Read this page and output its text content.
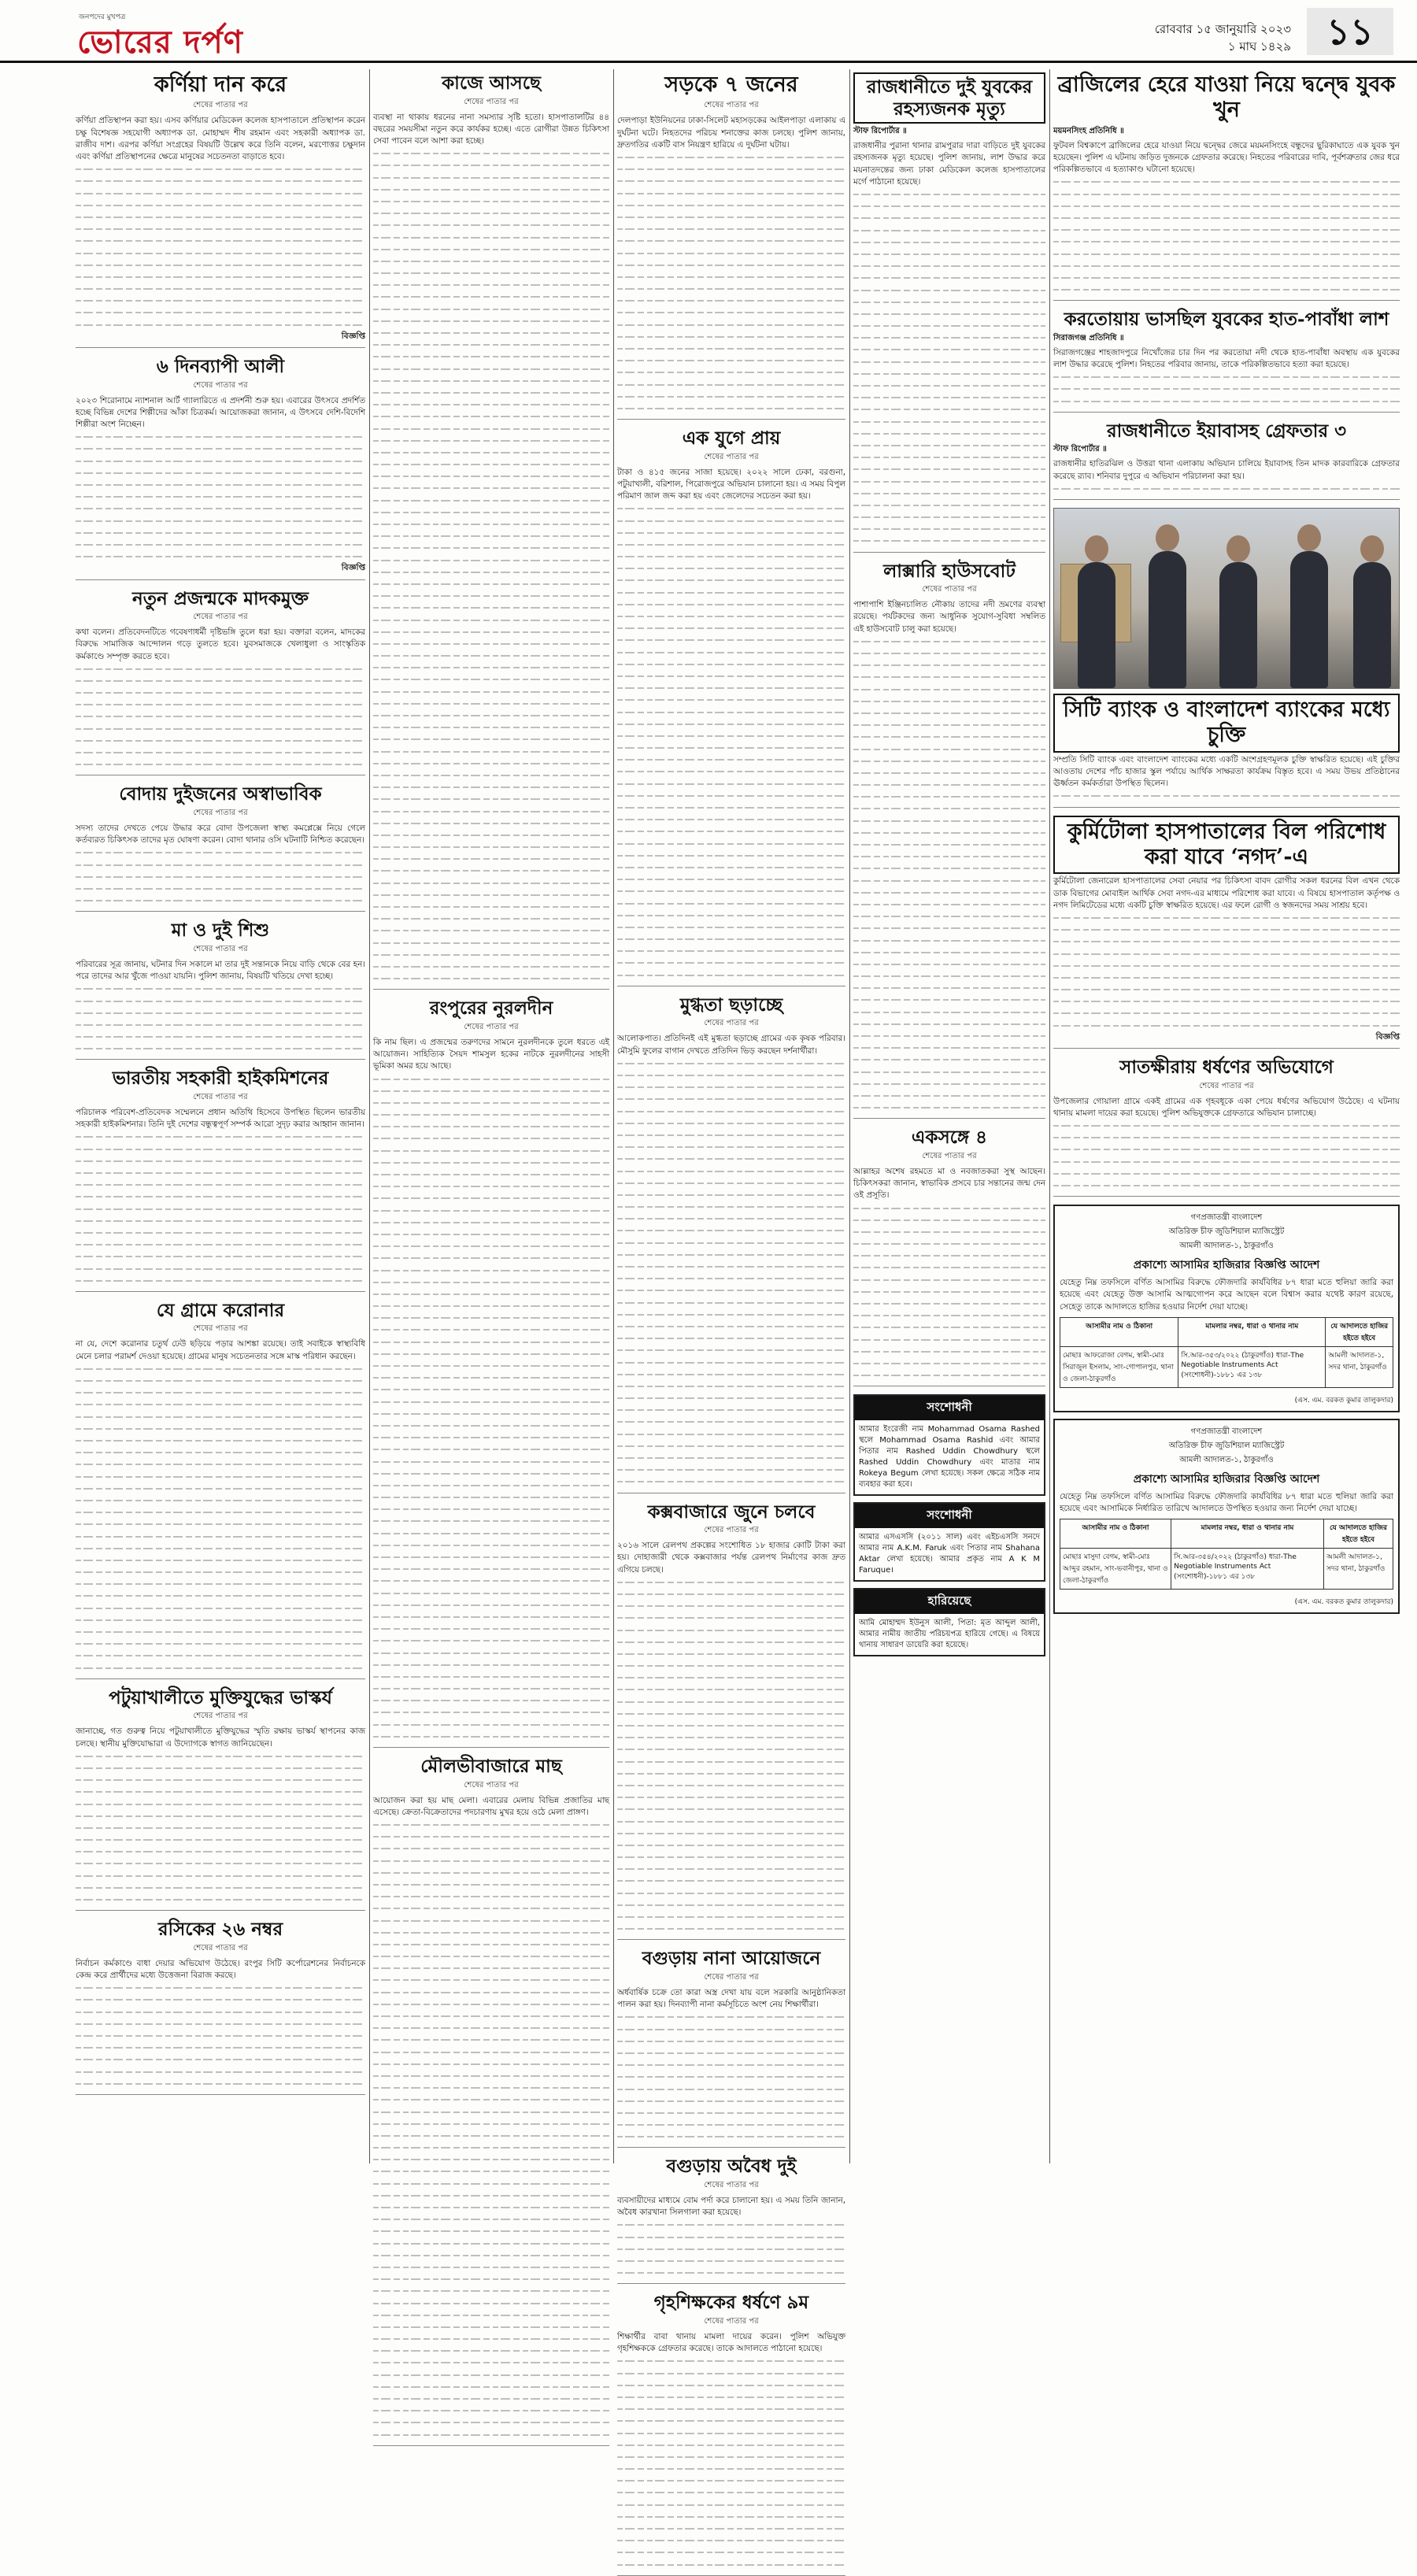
জনপদের মুখপত্র
ভোরের দর্পণ	রোববার ১৫ জানুয়ারি ২০২৩
১ মাঘ ১৪২৯ ১১
কর্ণিয়া দান করে
শেষের পাতার পর
কর্ণিয়া প্রতিস্থাপন করা হয়। এসব কর্ণিয়ার মেডিকেল কলেজ হাসপাতালে প্রতিস্থাপন করেন চক্ষু বিশেষজ্ঞ সহযোগী অধ্যাপক ডা. মোহাম্মদ শীষ রহমান এবং সহকারী অধ্যাপক ডা. রাজীব দাশ। এরপর কর্ণিয়া সংগ্রহের বিষয়টি উল্লেখ করে তিনি বলেন, মরণোত্তর চক্ষুদান এবং কর্ণিয়া প্রতিস্থাপনের ক্ষেত্রে মানুষের সচেতনতা বাড়াতে হবে।
বিজ্ঞপ্তি
৬ দিনব্যাপী আলী
শেষের পাতার পর
২০২৩ শিরোনামে ন্যাশনাল আর্ট গ্যালারিতে এ প্রদর্শনী শুরু হয়। এবারের উৎসবে প্রদর্শিত হচ্ছে বিভিন্ন দেশের শিল্পীদের আঁকা চিত্রকর্ম। আয়োজকরা জানান, এ উৎসবে দেশি-বিদেশি শিল্পীরা অংশ নিচ্ছেন।
বিজ্ঞপ্তি
নতুন প্রজন্মকে মাদকমুক্ত
শেষের পাতার পর
কথা বলেন। প্রতিবেদনটিতে গবেষণাধর্মী দৃষ্টিভঙ্গি তুলে ধরা হয়। বক্তারা বলেন, মাদকের বিরুদ্ধে সামাজিক আন্দোলন গড়ে তুলতে হবে। যুবসমাজকে খেলাধুলা ও সাংস্কৃতিক কর্মকাণ্ডে সম্পৃক্ত করতে হবে।
বোদায় দুইজনের অস্বাভাবিক
শেষের পাতার পর
সদস্য তাদের দেখতে পেয়ে উদ্ধার করে বোদা উপজেলা স্বাস্থ্য কমপ্লেক্সে নিয়ে গেলে কর্তব্যরত চিকিৎসক তাদের মৃত ঘোষণা করেন। বোদা থানার ওসি ঘটনাটি নিশ্চিত করেছেন।
মা ও দুই শিশু
শেষের পাতার পর
পরিবারের সূত্র জানায়, ঘটনার দিন সকালে মা তার দুই সন্তানকে নিয়ে বাড়ি থেকে বের হন। পরে তাদের আর খুঁজে পাওয়া যায়নি। পুলিশ জানায়, বিষয়টি খতিয়ে দেখা হচ্ছে।
ভারতীয় সহকারী হাইকমিশনের
শেষের পাতার পর
পরিচালক পরিবেশ-প্রতিবেদক সম্মেলনে প্রধান অতিথি হিসেবে উপস্থিত ছিলেন ভারতীয় সহকারী হাইকমিশনার। তিনি দুই দেশের বন্ধুত্বপূর্ণ সম্পর্ক আরো সুদৃঢ় করার আহ্বান জানান।
যে গ্রামে করোনার
শেষের পাতার পর
না যে, দেশে করোনার চতুর্থ ঢেউ ছড়িয়ে পড়ার আশঙ্কা রয়েছে। তাই সবাইকে স্বাস্থ্যবিধি মেনে চলার পরামর্শ দেওয়া হয়েছে। গ্রামের মানুষ সচেতনতার সঙ্গে মাস্ক পরিধান করছেন।
পটুয়াখালীতে মুক্তিযুদ্ধের ভাস্কর্য
শেষের পাতার পর
জানাচ্ছে, গত গুরুত্ব নিয়ে পটুয়াখালীতে মুক্তিযুদ্ধের স্মৃতি রক্ষায় ভাস্কর্য স্থাপনের কাজ চলছে। স্থানীয় মুক্তিযোদ্ধারা এ উদ্যোগকে স্বাগত জানিয়েছেন।
রসিকের ২৬ নম্বর
শেষের পাতার পর
নির্বাচন কর্মকাণ্ডে বাধা দেয়ার অভিযোগ উঠেছে। রংপুর সিটি কর্পোরেশনের নির্বাচনকে কেন্দ্র করে প্রার্থীদের মধ্যে উত্তেজনা বিরাজ করছে।
কাজে আসছে
শেষের পাতার পর
ব্যবস্থা না থাকায় ধরনের নানা সমস্যার সৃষ্টি হতো। হাসপাতালটির ৪৪ বছরের সময়সীমা নতুন করে কার্যকর হচ্ছে। এতে রোগীরা উন্নত চিকিৎসা সেবা পাবেন বলে আশা করা হচ্ছে।
রংপুরের নুরলদীন
শেষের পাতার পর
কি নাম ছিল। এ প্রজন্মের তরুণদের সামনে নুরলদীনকে তুলে ধরতে এই আয়োজন। সাহিত্যিক সৈয়দ শামসুল হকের নাটকে নুরলদীনের সাহসী ভূমিকা অমর হয়ে আছে।
মৌলভীবাজারে মাছ
শেষের পাতার পর
আয়োজন করা হয় মাছ মেলা। এবারের মেলায় বিভিন্ন প্রজাতির মাছ এসেছে। ক্রেতা-বিক্রেতাদের পদচারণায় মুখর হয়ে ওঠে মেলা প্রাঙ্গণ।
সড়কে ৭ জনের
শেষের পাতার পর
দেলপাড়া ইউনিয়নের ঢাকা-সিলেট মহাসড়কের আইলপাড়া এলাকায় এ দুর্ঘটনা ঘটে। নিহতদের পরিচয় শনাক্তের কাজ চলছে। পুলিশ জানায়, দ্রুতগতির একটি বাস নিয়ন্ত্রণ হারিয়ে এ দুর্ঘটনা ঘটায়।
এক যুগে প্রায়
শেষের পাতার পর
টাকা ও ৪১৫ জনের সাজা হয়েছে। ২০২২ সালে ঢেকা, বরগুনা, পটুয়াখালী, বরিশাল, পিরোজপুরে অভিযান চালানো হয়। এ সময় বিপুল পরিমাণ জাল জব্দ করা হয় এবং জেলেদের সচেতন করা হয়।
মুগ্ধতা ছড়াচ্ছে
শেষের পাতার পর
আলোকপাত। প্রতিদিনই এই মুগ্ধতা ছড়াচ্ছে গ্রামের এক কৃষক পরিবার। মৌসুমি ফুলের বাগান দেখতে প্রতিদিন ভিড় করছেন দর্শনার্থীরা।
কক্সবাজারে জুনে চলবে
শেষের পাতার পর
২০১৬ সালে রেলপথ প্রকল্পের সংশোধিত ১৮ হাজার কোটি টাকা করা হয়। দোহাজারী থেকে কক্সবাজার পর্যন্ত রেলপথ নির্মাণের কাজ দ্রুত এগিয়ে চলছে।
বগুড়ায় নানা আয়োজনে
শেষের পাতার পর
অর্ধবার্ষিক চক্রে তো কারা অস্ত্র দেখা যায় বলে সরকারি আনুষ্ঠানিকতা পালন করা হয়। দিনব্যাপী নানা কর্মসূচিতে অংশ নেয় শিক্ষার্থীরা।
বগুড়ায় অবৈধ দুই
শেষের পাতার পর
ব্যবসায়ীদের মাধ্যমে বোম পর্দা করে চালানো হয়। এ সময় তিনি জানান, অবৈধ কারখানা সিলগালা করা হয়েছে।
গৃহশিক্ষকের ধর্ষণে ৯ম
শেষের পাতার পর
শিক্ষার্থীর বাবা থানায় মামলা দায়ের করেন। পুলিশ অভিযুক্ত গৃহশিক্ষককে গ্রেফতার করেছে। তাকে আদালতে পাঠানো হয়েছে।
রাজধানীতে দুই যুবকের রহস্যজনক মৃত্যু
স্টাফ রিপোর্টার ॥
রাজধানীর পুরানা থানার রামপুরার দারা বাড়িতে দুই যুবকের রহস্যজনক মৃত্যু হয়েছে। পুলিশ জানায়, লাশ উদ্ধার করে ময়নাতদন্তের জন্য ঢাকা মেডিকেল কলেজ হাসপাতালের মর্গে পাঠানো হয়েছে।
লাক্সারি হাউসবোট
শেষের পাতার পর
পাশাপাশি ইঞ্জিনচালিত নৌকায় তাদের নদী ভ্রমণের ব্যবস্থা রয়েছে। পর্যটকদের জন্য আধুনিক সুযোগ-সুবিধা সম্বলিত এই হাউসবোট চালু করা হয়েছে।
একসঙ্গে ৪
শেষের পাতার পর
আল্লাহর অশেষ রহমতে মা ও নবজাতকরা সুস্থ আছেন। চিকিৎসকরা জানান, স্বাভাবিক প্রসবে চার সন্তানের জন্ম দেন ওই প্রসূতি।
সংশোধনী
আমার ইংরেজী নাম Mohammad Osama Rashed স্থলে Mohammad Osama Rashid এবং আমার পিতার নাম Rashed Uddin Chowdhury স্থলে Rashed Uddin Chowdhury এবং মাতার নাম Rokeya Begum লেখা হয়েছে। সকল ক্ষেত্রে সঠিক নাম ব্যবহার করা হবে।
সংশোধনী
আমার এসএসসি (২০১১ সাল) এবং এইচএসসি সনদে আমার নাম A.K.M. Faruk এবং পিতার নাম Shahana Aktar লেখা হয়েছে। আমার প্রকৃত নাম A K M Faruque।
হারিয়েছে
আমি মোহাম্মদ ইউনুস আলী, পিতা: মৃত আব্দুল আলী, আমার নামীয় জাতীয় পরিচয়পত্র হারিয়ে গেছে। এ বিষয়ে থানায় সাধারণ ডায়েরি করা হয়েছে।
ব্রাজিলের হেরে যাওয়া নিয়ে দ্বন্দ্বে যুবক খুন
ময়মনসিংহ প্রতিনিধি ॥
ফুটবল বিশ্বকাপে ব্রাজিলের হেরে যাওয়া নিয়ে দ্বন্দ্বের জেরে ময়মনসিংহে বন্ধুদের ছুরিকাঘাতে এক যুবক খুন হয়েছেন। পুলিশ এ ঘটনায় জড়িত দুজনকে গ্রেফতার করেছে। নিহতের পরিবারের দাবি, পূর্বশত্রুতার জের ধরে পরিকল্পিতভাবে এ হত্যাকাণ্ড ঘটানো হয়েছে।
করতোয়ায় ভাসছিল যুবকের হাত-পাবাঁধা লাশ
সিরাজগঞ্জ প্রতিনিধি ॥
সিরাজগঞ্জের শাহজাদপুরে নিখোঁজের চার দিন পর করতোয়া নদী থেকে হাত-পাবাঁধা অবস্থায় এক যুবকের লাশ উদ্ধার করেছে পুলিশ। নিহতের পরিবার জানায়, তাকে পরিকল্পিতভাবে হত্যা করা হয়েছে।
রাজধানীতে ইয়াবাসহ গ্রেফতার ৩
স্টাফ রিপোর্টার ॥
রাজধানীর হাতিরঝিল ও উত্তরা থানা এলাকায় অভিযান চালিয়ে ইয়াবাসহ তিন মাদক কারবারিকে গ্রেফতার করেছে র‌্যাব। শনিবার দুপুরে এ অভিযান পরিচালনা করা হয়।
সিটি ব্যাংক ও বাংলাদেশ ব্যাংকের মধ্যে চুক্তি
সম্প্রতি সিটি ব্যাংক এবং বাংলাদেশ ব্যাংকের মধ্যে একটি অংশগ্রহণমূলক চুক্তি স্বাক্ষরিত হয়েছে। এই চুক্তির আওতায় দেশের পাঁচ হাজার স্কুল পর্যায়ে আর্থিক সাক্ষরতা কার্যক্রম বিস্তৃত হবে। এ সময় উভয় প্রতিষ্ঠানের ঊর্ধ্বতন কর্মকর্তারা উপস্থিত ছিলেন।
কুর্মিটোলা হাসপাতালের বিল পরিশোধ করা যাবে ‘নগদ’-এ
কুর্মিটোলা জেনারেল হাসপাতালের সেবা নেয়ার পর চিকিৎসা বাবদ রোগীর সকল ধরনের বিল এখন থেকে ডাক বিভাগের মোবাইল আর্থিক সেবা নগদ-এর মাধ্যমে পরিশোধ করা যাবে। এ বিষয়ে হাসপাতাল কর্তৃপক্ষ ও নগদ লিমিটেডের মধ্যে একটি চুক্তি স্বাক্ষরিত হয়েছে। এর ফলে রোগী ও স্বজনদের সময় সাশ্রয় হবে।
বিজ্ঞপ্তি
সাতক্ষীরায় ধর্ষণের অভিযোগে
শেষের পাতার পর
উপজেলার গোয়ালা গ্রামে একই গ্রামের এক গৃহবধূকে একা পেয়ে ধর্ষণের অভিযোগ উঠেছে। এ ঘটনায় থানায় মামলা দায়ের করা হয়েছে। পুলিশ অভিযুক্তকে গ্রেফতারে অভিযান চালাচ্ছে।
গণপ্রজাতন্ত্রী বাংলাদেশ
অতিরিক্ত চীফ জুডিশিয়াল ম্যাজিস্ট্রেট
আমলী আদালত-১, ঠাকুরগাঁও
প্রকাশ্যে আসামির হাজিরার বিজ্ঞপ্তি আদেশ
যেহেতু নিম্ন তফসিলে বর্ণিত আসামির বিরুদ্ধে ফৌজদারি কার্যবিধির ৮৭ ধারা মতে হুলিয়া জারি করা হয়েছে এবং যেহেতু উক্ত আসামি আত্মগোপন করে আছেন বলে বিশ্বাস করার যথেষ্ট কারণ রয়েছে, সেহেতু তাকে আদালতে হাজির হওয়ার নির্দেশ দেয়া যাচ্ছে।
আসামীর নাম ও ঠিকানা	মামলার নম্বর, ধারা ও থানার নাম	যে আদালতে হাজির হইতে হইবে
মোছাঃ আফরোজা বেগম, স্বামী-মোঃ সিরাজুল ইসলাম, সাং-গোপালপুর, থানা ও জেলা-ঠাকুরগাঁও	সি.আর-৩৫৩/২০২২ (ঠাকুরগাঁও) ধারা-The Negotiable Instruments Act (সংশোধনী)-১৮৮১ এর ১৩৮	আমলী আদালত-১, সদর থানা, ঠাকুরগাঁও
(এস. এম. বরকত কুমার তালুকদার)
গণপ্রজাতন্ত্রী বাংলাদেশ
অতিরিক্ত চীফ জুডিশিয়াল ম্যাজিস্ট্রেট
আমলী আদালত-১, ঠাকুরগাঁও
প্রকাশ্যে আসামির হাজিরার বিজ্ঞপ্তি আদেশ
যেহেতু নিম্ন তফসিলে বর্ণিত আসামির বিরুদ্ধে ফৌজদারি কার্যবিধির ৮৭ ধারা মতে হুলিয়া জারি করা হয়েছে এবং আসামিকে নির্ধারিত তারিখে আদালতে উপস্থিত হওয়ার জন্য নির্দেশ দেয়া যাচ্ছে।
আসামীর নাম ও ঠিকানা	মামলার নম্বর, ধারা ও থানার নাম	যে আদালতে হাজির হইতে হইবে
মোছাঃ মাসুদা বেগম, স্বামী-মোঃ আব্দুর রহমান, সাং-ভবানীপুর, থানা ও জেলা-ঠাকুরগাঁও	সি.আর-৩৫৪/২০২২ (ঠাকুরগাঁও) ধারা-The Negotiable Instruments Act (সংশোধনী)-১৮৮১ এর ১৩৮	আমলী আদালত-১, সদর থানা, ঠাকুরগাঁও
(এস. এম. বরকত কুমার তালুকদার)
